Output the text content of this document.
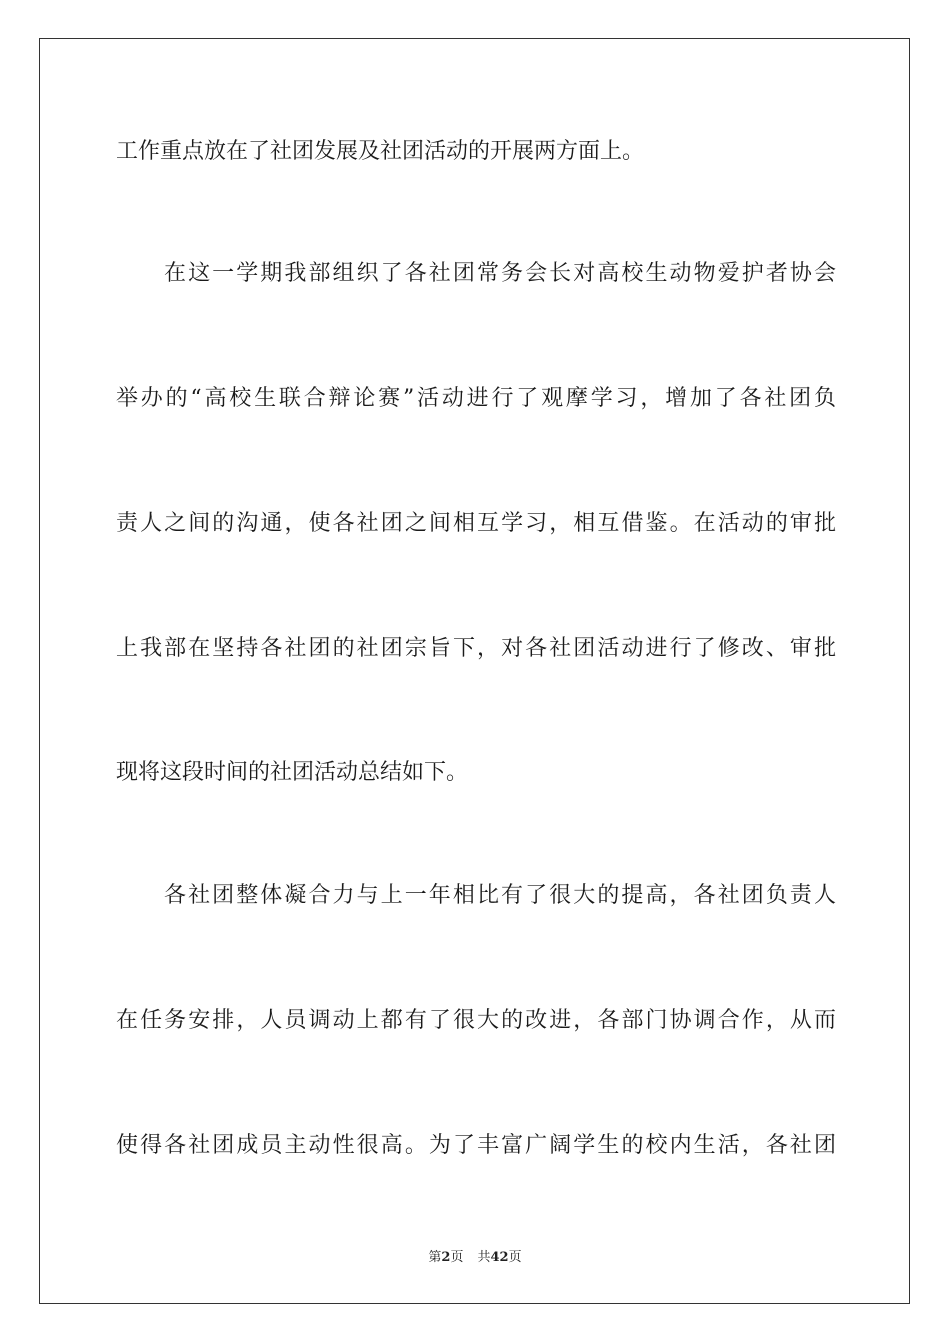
工作重点放在了社团发展及社团活动的开展两方面上。

在这一学期我部组织了各社团常务会长对高校生动物爱护者协会

举办的“高校生联合辩论赛”活动进行了观摩学习，增加了各社团负

责人之间的沟通，使各社团之间相互学习，相互借鉴。在活动的审批

上我部在坚持各社团的社团宗旨下，对各社团活动进行了修改、审批

现将这段时间的社团活动总结如下。

各社团整体凝合力与上一年相比有了很大的提高，各社团负责人

在任务安排，人员调动上都有了很大的改进，各部门协调合作，从而

使得各社团成员主动性很高。为了丰富广阔学生的校内生活，各社团

第2页 共42页
